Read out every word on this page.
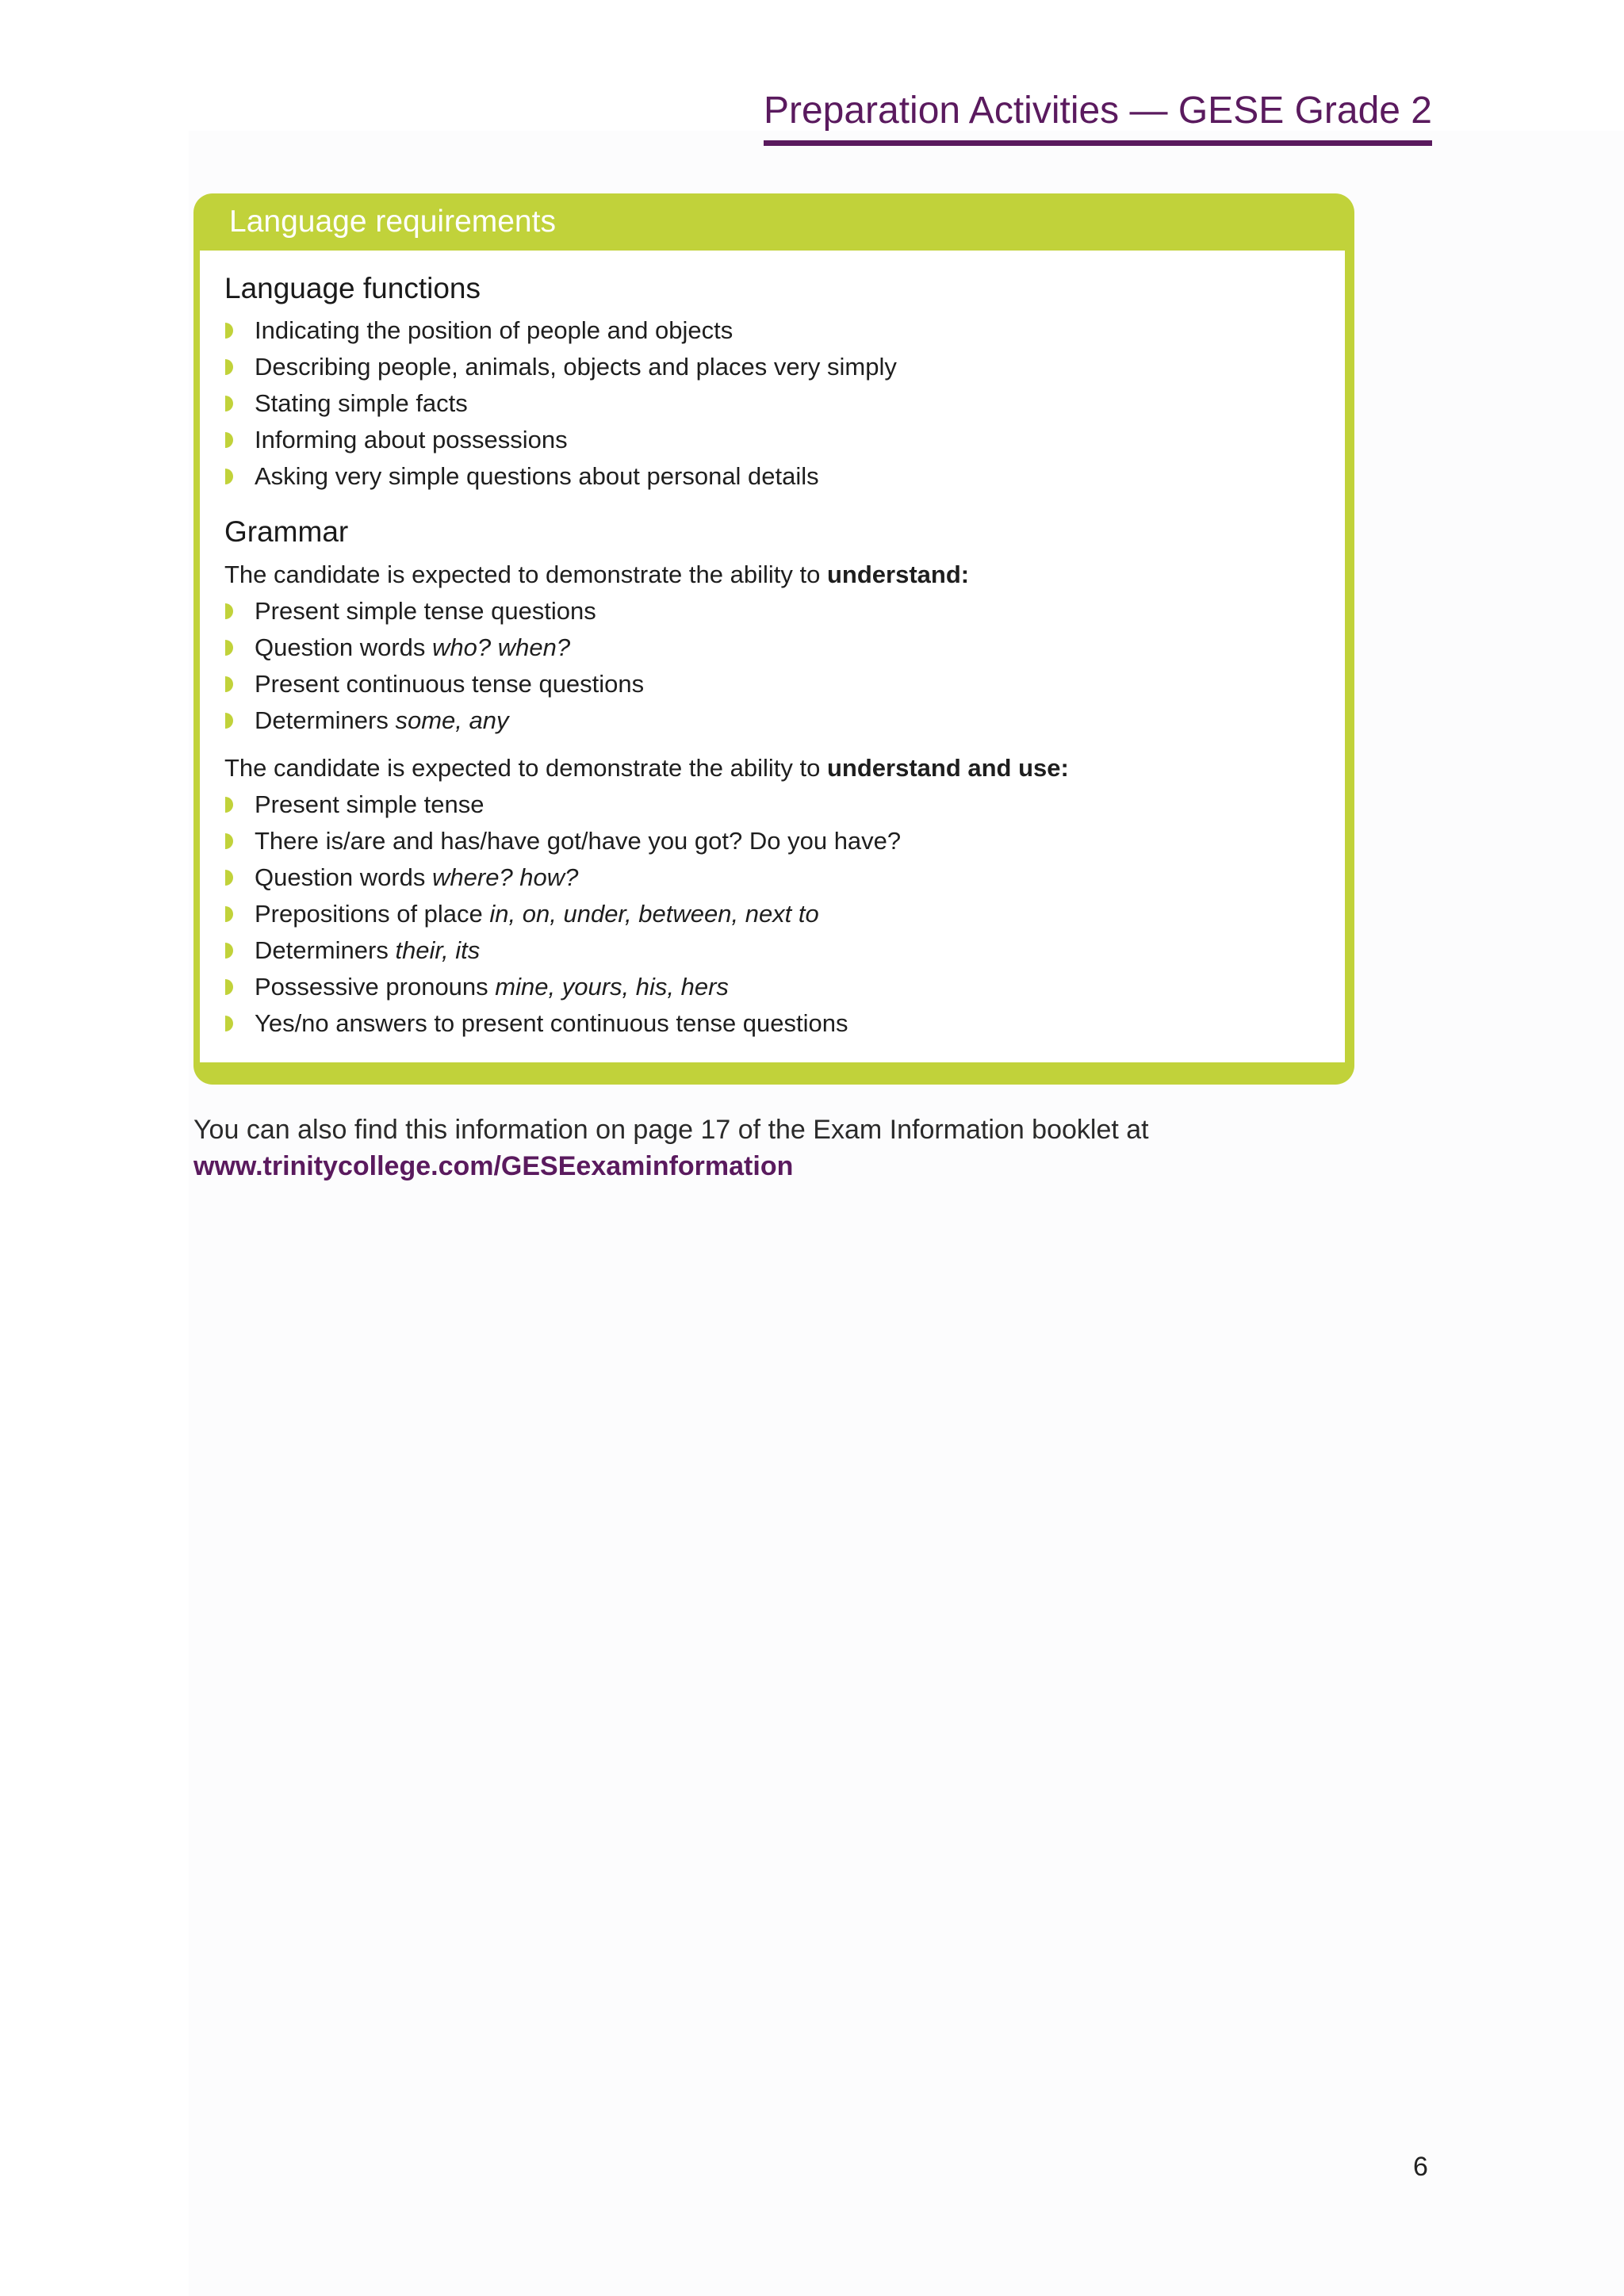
Preparation Activities — GESE Grade 2
Language requirements
Language functions
Indicating the position of people and objects
Describing people, animals, objects and places very simply
Stating simple facts
Informing about possessions
Asking very simple questions about personal details
Grammar
The candidate is expected to demonstrate the ability to understand:
Present simple tense questions
Question words who? when?
Present continuous tense questions
Determiners some, any
The candidate is expected to demonstrate the ability to understand and use:
Present simple tense
There is/are and has/have got/have you got? Do you have?
Question words where? how?
Prepositions of place in, on, under, between, next to
Determiners their, its
Possessive pronouns mine, yours, his, hers
Yes/no answers to present continuous tense questions
You can also find this information on page 17 of the Exam Information booklet at
www.trinitycollege.com/GESEexaminformation
6
